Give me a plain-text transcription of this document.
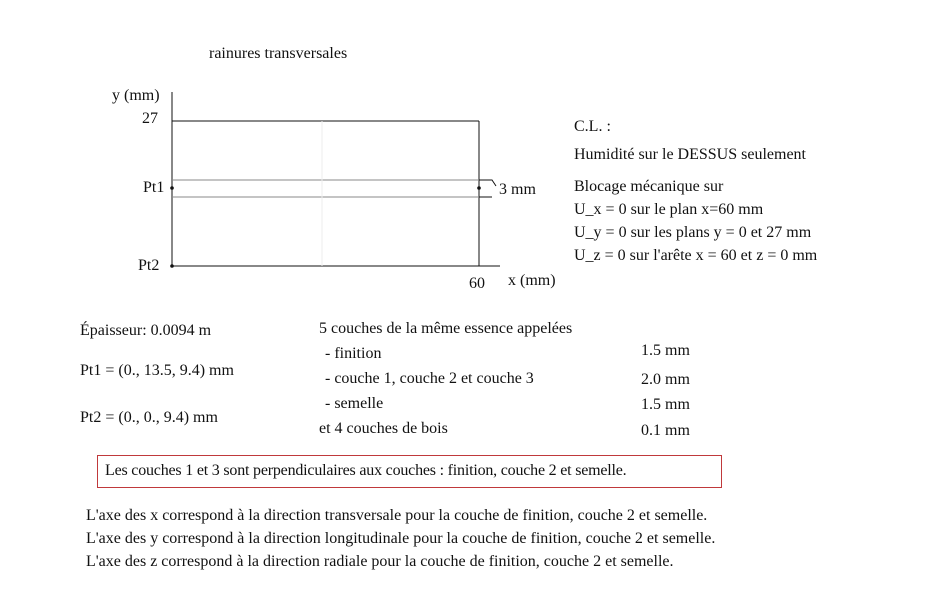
rainures transversales
y (mm)
27
Pt1
Pt2
3 mm
60 x (mm)
C.L. :
Humidité sur le DESSUS seulement
Blocage mécanique sur
U_x = 0 sur le plan x=60 mm
U_y = 0 sur les plans y = 0 et 27 mm
U_z = 0 sur l'arête x = 60 et z = 0 mm
Épaisseur: 0.0094 m
Pt1 = (0., 13.5, 9.4) mm
Pt2 = (0., 0., 9.4) mm
5 couches de la même essence appelées
- finition	1.5 mm
- couche 1, couche 2 et couche 3	2.0 mm
- semelle	1.5 mm
et 4 couches de bois	0.1 mm
Les couches 1 et 3 sont perpendiculaires aux couches : finition, couche 2 et semelle.
L'axe des x correspond à la direction transversale pour la couche de finition, couche 2 et semelle.
L'axe des y correspond à la direction longitudinale pour la couche de finition, couche 2 et semelle.
L'axe des z correspond à la direction radiale pour la couche de finition, couche 2 et semelle.
